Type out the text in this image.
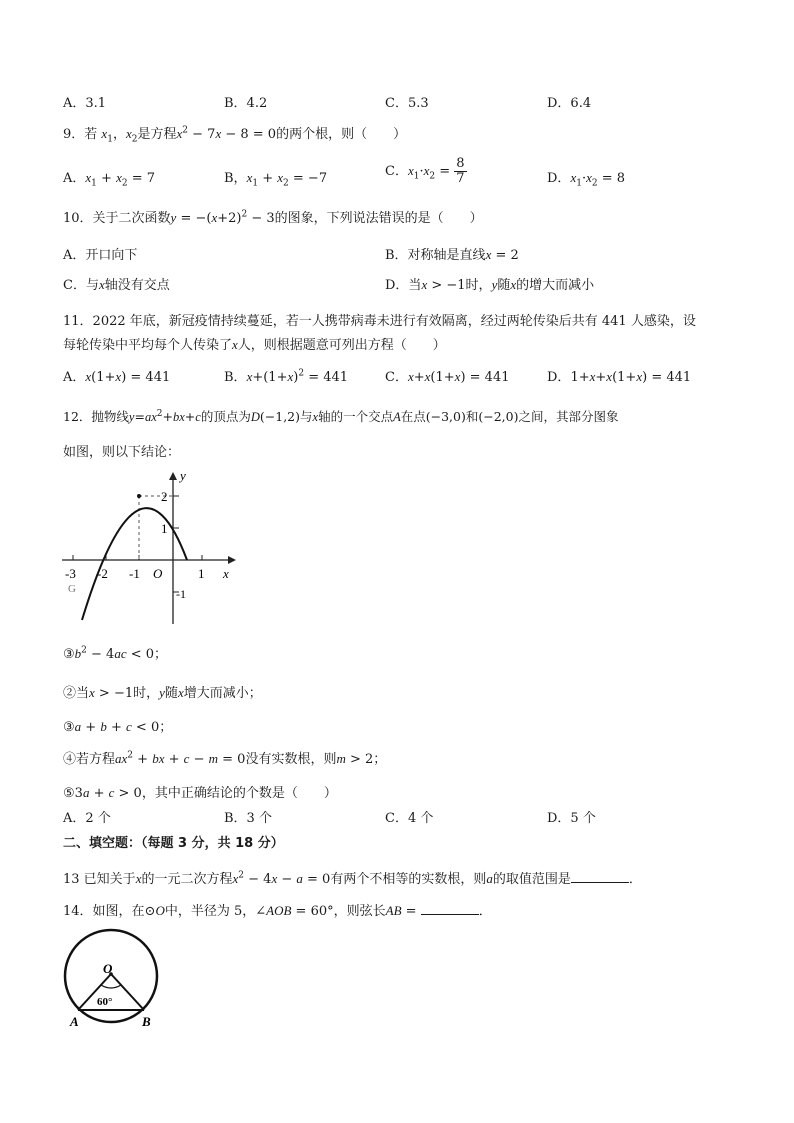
A．3.1	B．4.2	C．5.3	D．6.4
9．若 $x_1$，$x_2$是方程$x^2 - 7x - 8 = 0$的两个根，则（　　）
A．$x_1 + x_2 = 7$	B，$x_1 + x_2 = -7$	C．$x_1\cdot x_2 = \frac{8}{7}$	D．$x_1\cdot x_2 = 8$
10．关于二次函数$y = -(x+2)^2 - 3$的图象，下列说法错误的是（　　）
A．开口向下	B．对称轴是直线x = 2
C．与x轴没有交点	D．当x > −1时，y随x的增大而减小
11．2022 年底，新冠疫情持续蔓延，若一人携带病毒未进行有效隔离，经过两轮传染后共有 441 人感染，设
每轮传染中平均每个人传染了x人，则根据题意可列出方程（　　）
A．x(1+x) = 441	B．$x+(1+x)^2 = 441$	C．x+x(1+x) = 441	D．1+x+x(1+x) = 441
12．抛物线$y=ax^2+bx+c$的顶点为D(−1,2)与x轴的一个交点A在点(−3,0)和(−2,0)之间，其部分图象
如图，则以下结论：
y
x
O
2
1
-1
-3 -2 -1	1
G
$③b^2 - 4ac < 0$；
②当x > −1时，y随x增大而减小；
③a + b + c < 0；
④若方程$ax^2$ + bx + c − m = 0没有实数根，则m > 2；
⑤3a + c > 0，其中正确结论的个数是（　　）
A．2 个	B．3 个	C．4 个	D．5 个
二、填空题：（每题 3 分，共 18 分）
13 已知关于x的一元二次方程$x^2 - 4x - a = 0$有两个不相等的实数根，则a的取值范围是	．
14．如图，在⊙O中，半径为 5，∠AOB = 60°，则弦长AB =	．
O
60°
A	B
